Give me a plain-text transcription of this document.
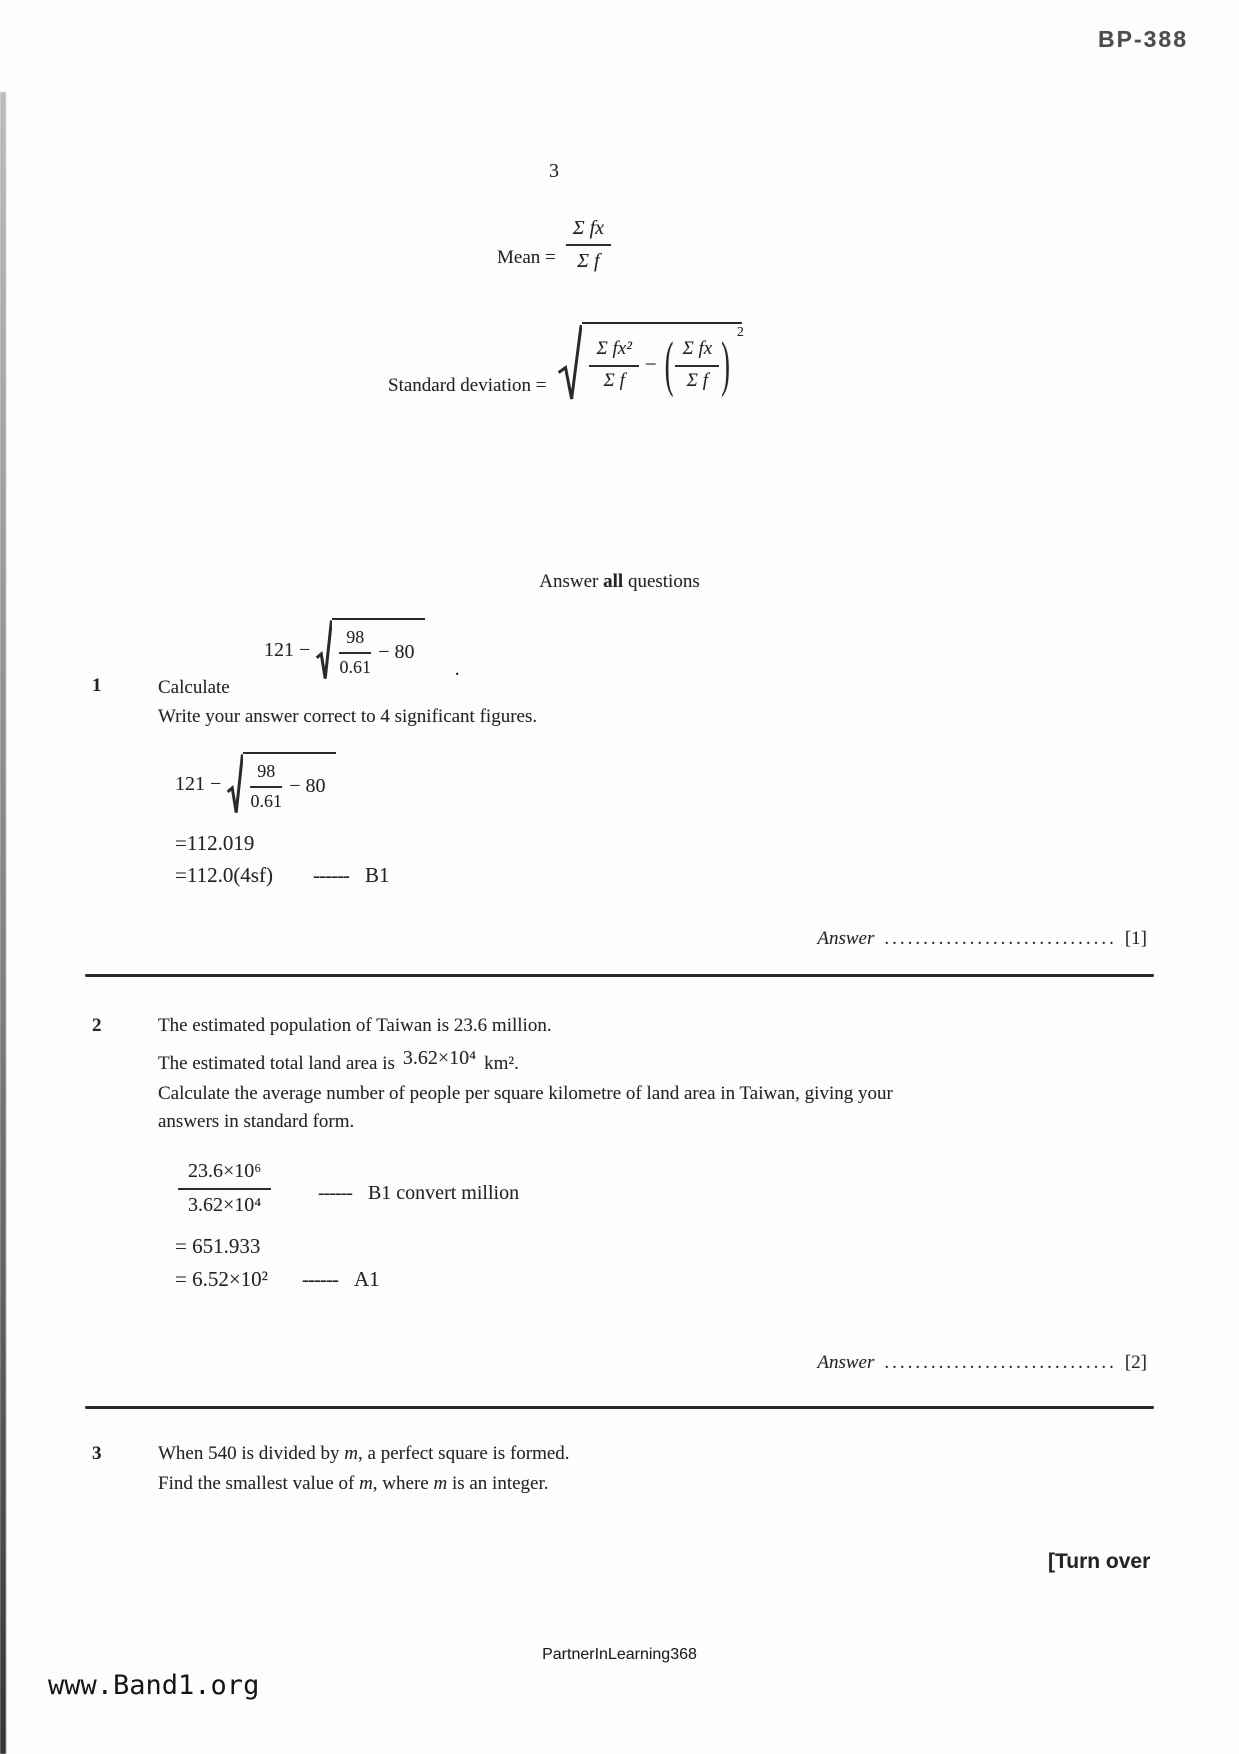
BP-388
3
Mean = $\frac{\text{Σ fx}}{\text{Σ f}}$
Standard deviation = $\frac{\text{Σ fx²}}{\text{Σ f}}$ − ( $\frac{\text{Σ fx}}{\text{Σ f}}$ ) 2
Answer all questions
1	Calculate
$121 - \frac{98}{0.61} - 80$
.
Write your answer correct to 4 significant figures.
$121 - \frac{98}{0.61} - 80$
=112.019
=112.0(4sf) ------ B1
Answer .............................. [1]
2	The estimated population of Taiwan is 23.6 million.
The estimated total land area is 3.62×10⁴ km².
Calculate the average number of people per square kilometre of land area in Taiwan, giving your
answers in standard form.
$\frac{\text{23.6×10⁶}}{\text{3.62×10⁴}}$ ------ B1 convert million
= 651.933
= 6.52×10² ------ A1
Answer .............................. [2]
3	When 540 is divided by m, a perfect square is formed.
Find the smallest value of m, where m is an integer.
[Turn over
PartnerInLearning368
www.Band1.org
